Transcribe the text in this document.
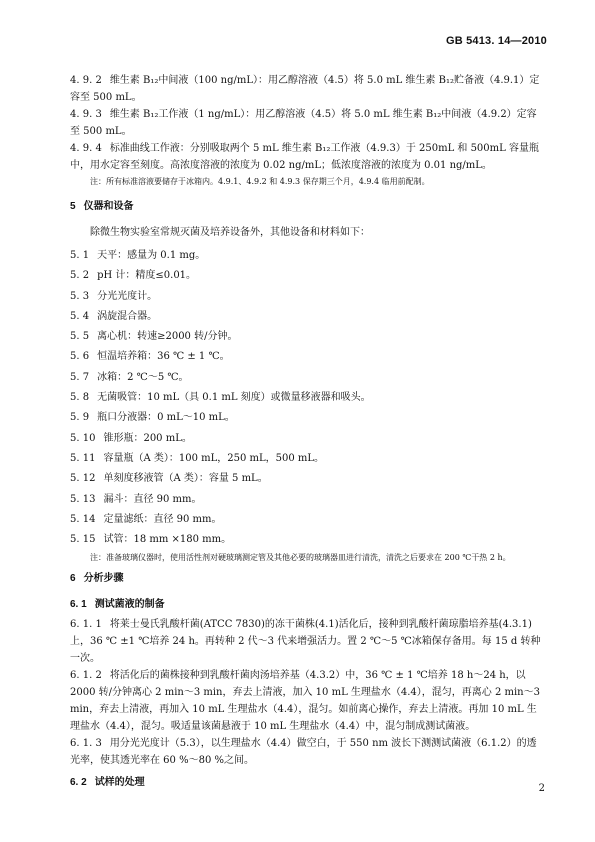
GB 5413. 14—2010

4. 9. 2 维生素 B₁₂中间液（100 ng/mL）：用乙醇溶液（4.5）将 5.0 mL 维生素 B₁₂贮备液（4.9.1）定容至 500 mL。

4. 9. 3 维生素 B₁₂工作液（1 ng/mL）：用乙醇溶液（4.5）将 5.0 mL 维生素 B₁₂中间液（4.9.2）定容至 500 mL。

4. 9. 4 标准曲线工作液：分别吸取两个 5 mL 维生素 B₁₂工作液（4.9.3）于 250mL 和 500mL 容量瓶中，用水定容至刻度。高浓度溶液的浓度为 0.02 ng/mL；低浓度溶液的浓度为 0.01 ng/mL。

注：所有标准溶液要储存于冰箱内。4.9.1、4.9.2 和 4.9.3 保存期三个月，4.9.4 临用前配制。

5 仪器和设备

除微生物实验室常规灭菌及培养设备外，其他设备和材料如下：

5. 1 天平：感量为 0.1 mg。

5. 2 pH 计：精度≤0.01。

5. 3 分光光度计。

5. 4 涡旋混合器。

5. 5 离心机：转速≥2000 转/分钟。

5. 6 恒温培养箱：36 ℃ ± 1 ℃。

5. 7 冰箱：2 ℃～5 ℃。

5. 8 无菌吸管：10 mL（具 0.1 mL 刻度）或微量移液器和吸头。

5. 9 瓶口分液器：0 mL～10 mL。

5. 10 锥形瓶：200 mL。

5. 11 容量瓶（A 类）：100 mL，250 mL，500 mL。

5. 12 单刻度移液管（A 类）：容量 5 mL。

5. 13 漏斗：直径 90 mm。

5. 14 定量滤纸：直径 90 mm。

5. 15 试管：18 mm ×180 mm。

注：准备玻璃仪器时，使用活性剂对硬玻璃测定管及其他必要的玻璃器皿进行清洗，清洗之后要求在 200 ℃干热 2 h。

6 分析步骤

6. 1 测试菌液的制备

6. 1. 1 将莱士曼氏乳酸杆菌(ATCC 7830)的冻干菌株(4.1)活化后，接种到乳酸杆菌琼脂培养基(4.3.1)上，36 ℃ ±1 ℃培养 24 h。再转种 2 代～3 代来增强活力。置 2 ℃～5 ℃冰箱保存备用。每 15 d 转种一次。

6. 1. 2 将活化后的菌株接种到乳酸杆菌肉汤培养基（4.3.2）中，36 ℃ ± 1 ℃培养 18 h～24 h，以 2000 转/分钟离心 2 min～3 min，弃去上清液，加入 10 mL 生理盐水（4.4），混匀，再离心 2 min～3 min，弃去上清液，再加入 10 mL 生理盐水（4.4），混匀。如前离心操作，弃去上清液。再加 10 mL 生理盐水（4.4），混匀。吸适量该菌悬液于 10 mL 生理盐水（4.4）中，混匀制成测试菌液。

6. 1. 3 用分光光度计（5.3），以生理盐水（4.4）做空白，于 550 nm 波长下测测试菌液（6.1.2）的透光率，使其透光率在 60 %～80 %之间。

6. 2 试样的处理

2
